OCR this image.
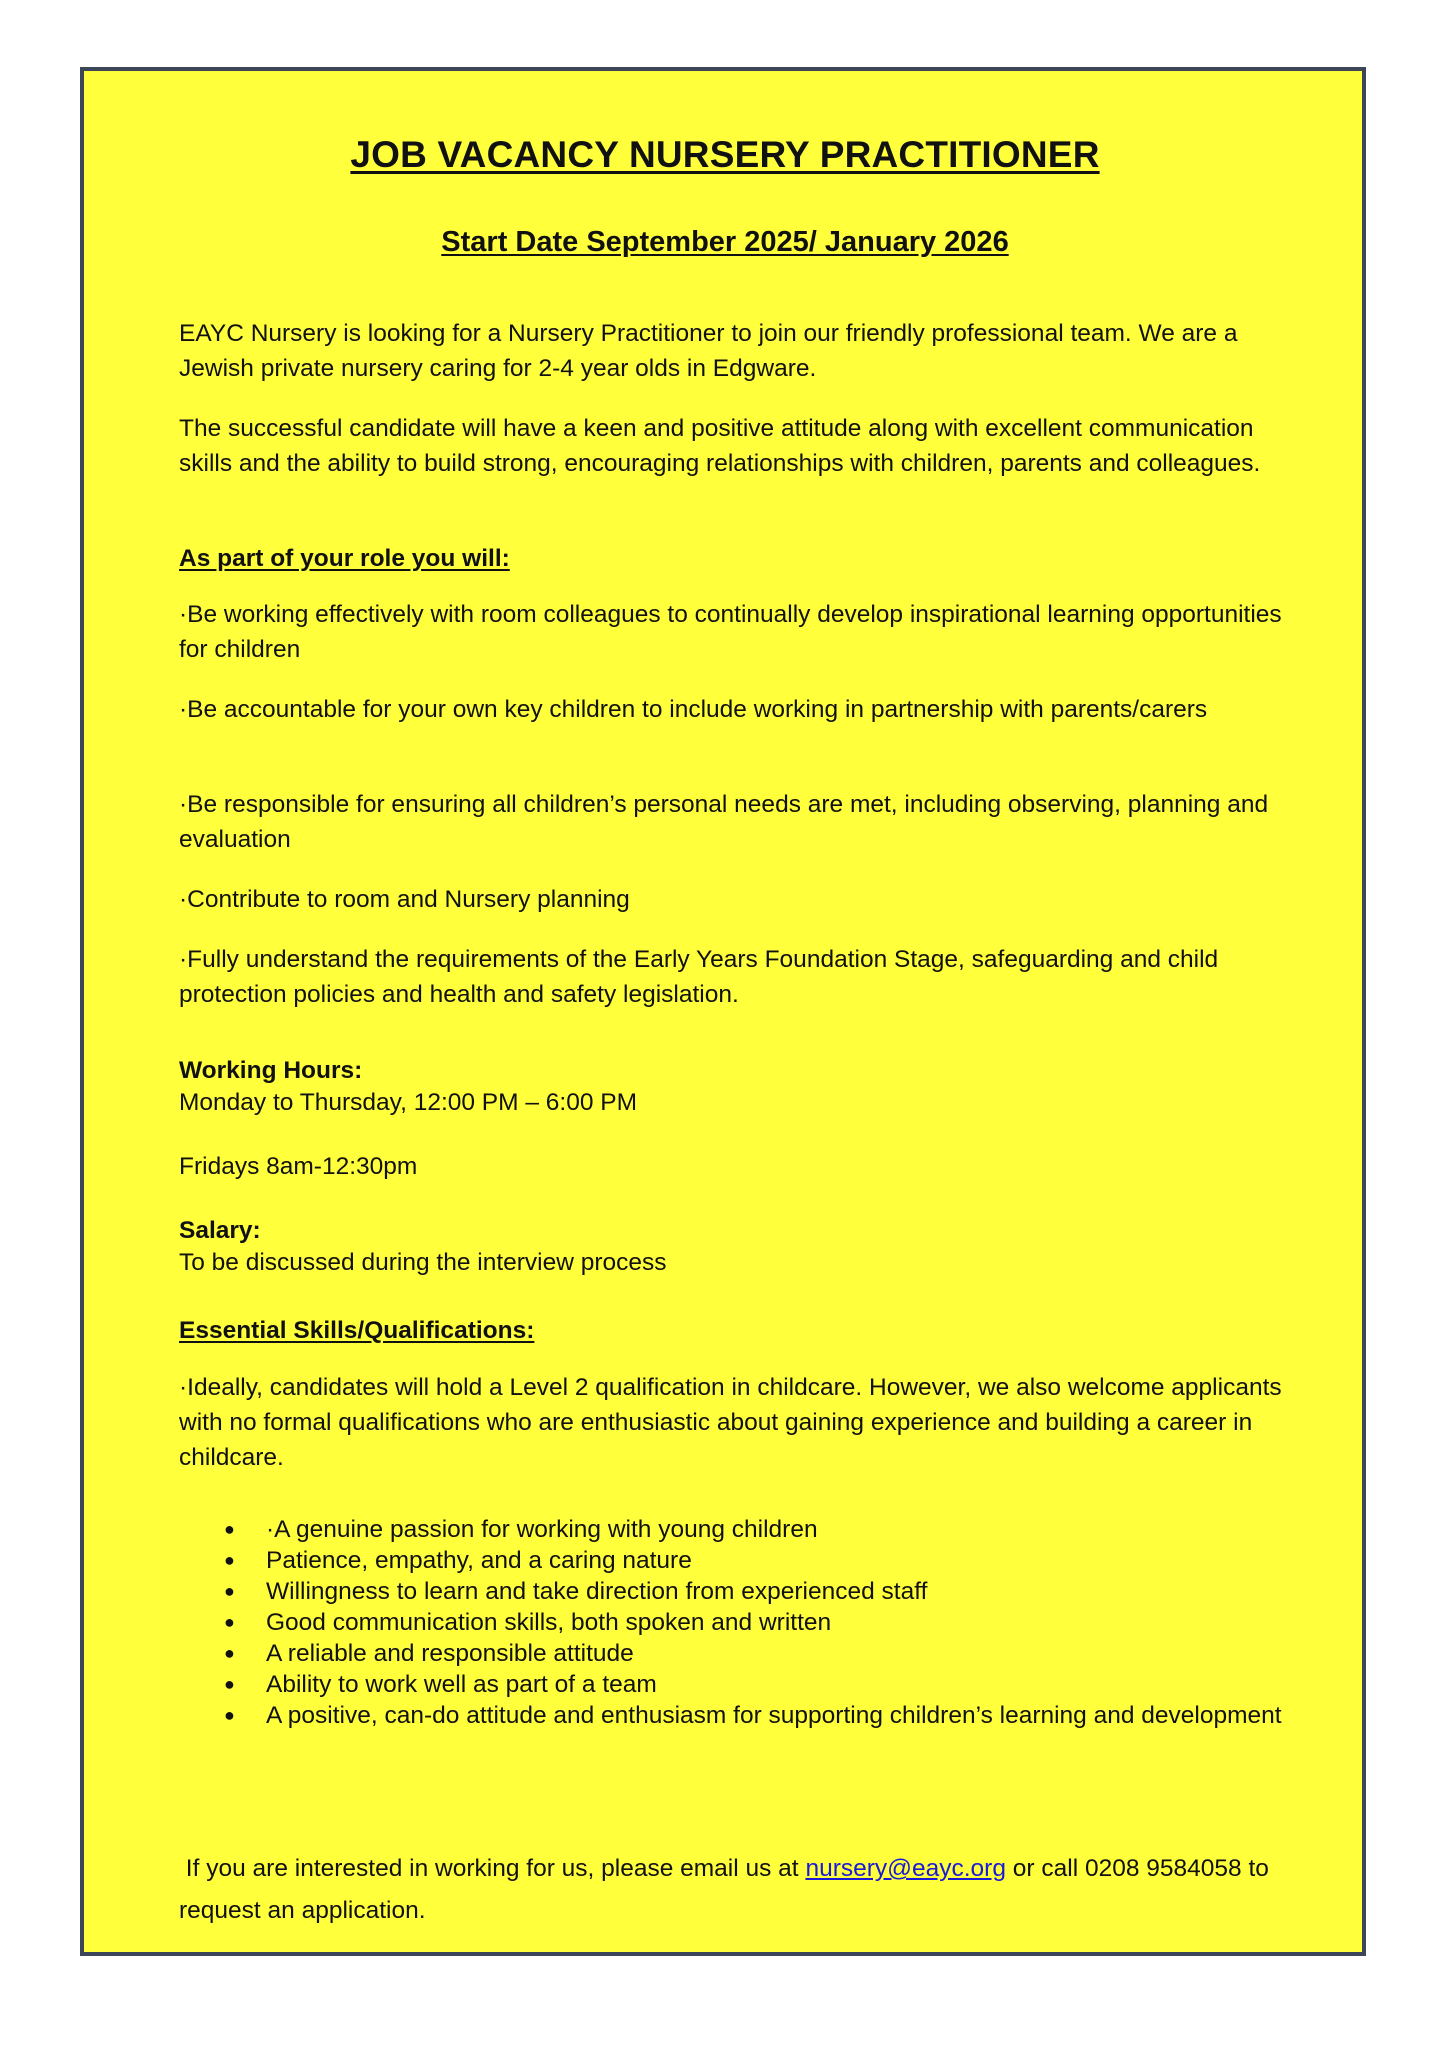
JOB VACANCY NURSERY PRACTITIONER
Start Date September 2025/ January 2026

EAYC Nursery is looking for a Nursery Practitioner to join our friendly professional team. We are a Jewish private nursery caring for 2-4 year olds in Edgware.

The successful candidate will have a keen and positive attitude along with excellent communication skills and the ability to build strong, encouraging relationships with children, parents and colleagues.

As part of your role you will:

·Be working effectively with room colleagues to continually develop inspirational learning opportunities for children

·Be accountable for your own key children to include working in partnership with parents/carers

·Be responsible for ensuring all children’s personal needs are met, including observing, planning and evaluation

·Contribute to room and Nursery planning

·Fully understand the requirements of the Early Years Foundation Stage, safeguarding and child protection policies and health and safety legislation.

Working Hours:

Monday to Thursday, 12:00 PM – 6:00 PM

Fridays 8am-12:30pm

Salary:

To be discussed during the interview process

Essential Skills/Qualifications:

·Ideally, candidates will hold a Level 2 qualification in childcare. However, we also welcome applicants with no formal qualifications who are enthusiastic about gaining experience and building a career in childcare.

● ·A genuine passion for working with young children
● Patience, empathy, and a caring nature
● Willingness to learn and take direction from experienced staff
● Good communication skills, both spoken and written
● A reliable and responsible attitude
● Ability to work well as part of a team
● A positive, can-do attitude and enthusiasm for supporting children’s learning and development

If you are interested in working for us, please email us at nursery@eayc.org or call 0208 9584058 to request an application.
